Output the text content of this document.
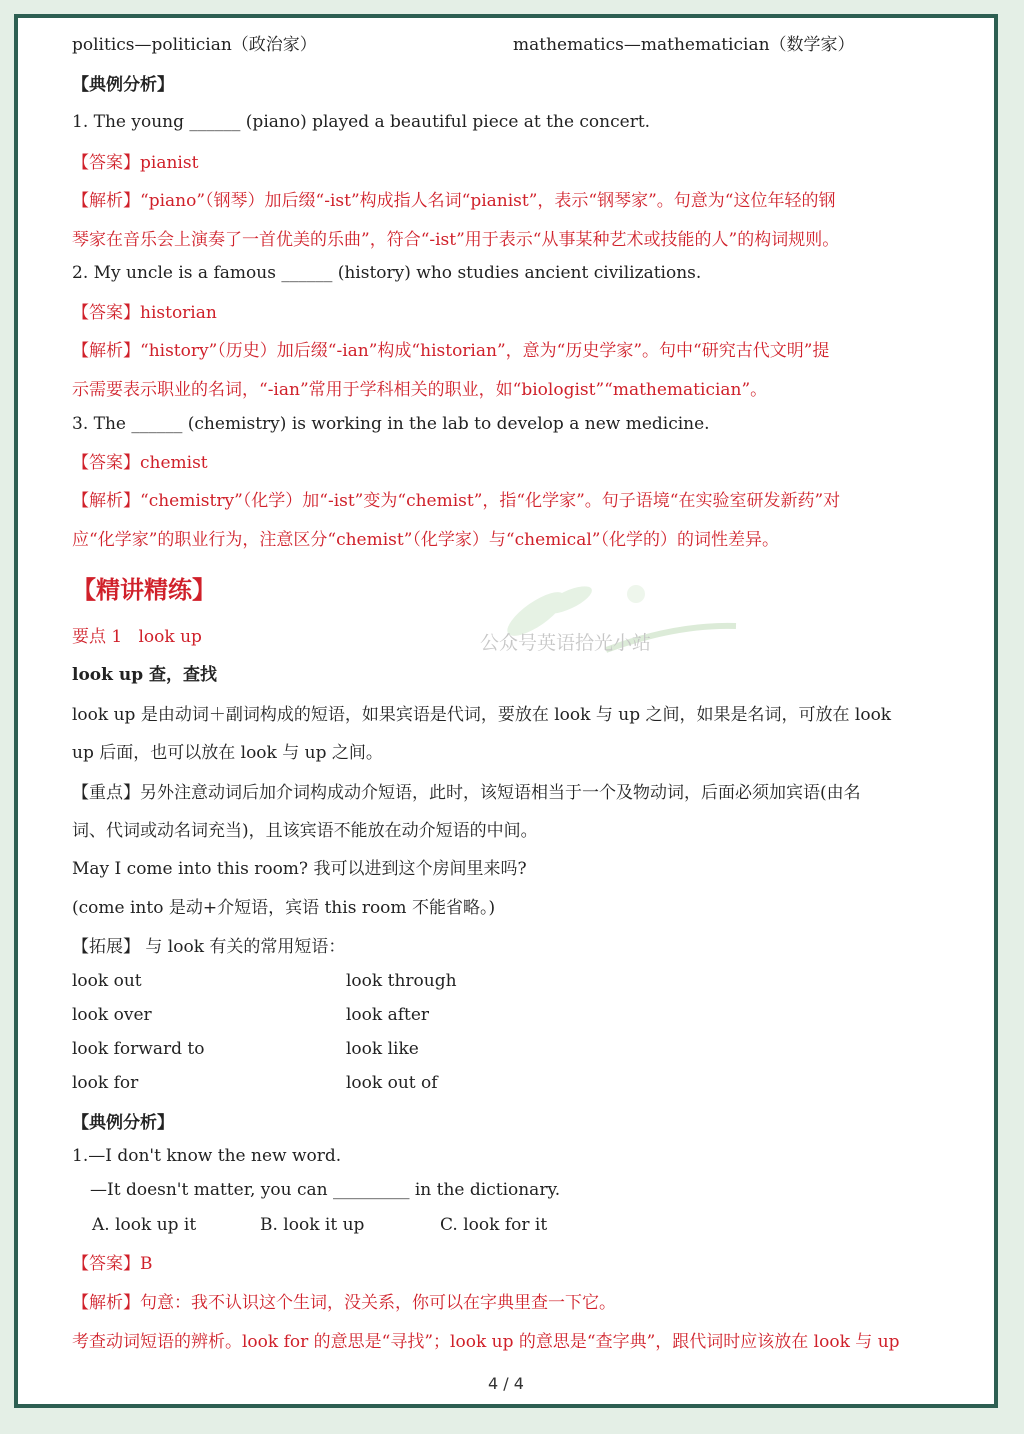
politics—politician（政治家）	mathematics—mathematician（数学家）
【典例分析】
1. The young ______ (piano) played a beautiful piece at the concert.
【答案】pianist
【解析】“piano”（钢琴）加后缀“-ist”构成指人名词“pianist”，表示“钢琴家”。句意为“这位年轻的钢
琴家在音乐会上演奏了一首优美的乐曲”，符合“-ist”用于表示“从事某种艺术或技能的人”的构词规则。
2. My uncle is a famous ______ (history) who studies ancient civilizations.
【答案】historian
【解析】“history”（历史）加后缀“-ian”构成“historian”，意为“历史学家”。句中“研究古代文明”提
示需要表示职业的名词，“-ian”常用于学科相关的职业，如“biologist”“mathematician”。
3. The ______ (chemistry) is working in the lab to develop a new medicine.
【答案】chemist
【解析】“chemistry”（化学）加“-ist”变为“chemist”，指“化学家”。句子语境“在实验室研发新药”对
应“化学家”的职业行为，注意区分“chemist”（化学家）与“chemical”（化学的）的词性差异。
【精讲精练】
要点 1 look up
look up 查，查找
look up 是由动词＋副词构成的短语，如果宾语是代词，要放在 look 与 up 之间，如果是名词，可放在 look
up 后面，也可以放在 look 与 up 之间。
【重点】另外注意动词后加介词构成动介短语，此时，该短语相当于一个及物动词，后面必须加宾语(由名
词、代词或动名词充当)，且该宾语不能放在动介短语的中间。
May I come into this room? 我可以进到这个房间里来吗?
(come into 是动+介短语，宾语 this room 不能省略。)
【拓展】 与 look 有关的常用短语：
look out	look through
look over	look after
look forward to	look like
look for	look out of
【典例分析】
1.—I don't know the new word.
—It doesn't matter, you can _________ in the dictionary.
A. look up it	B. look it up	C. look for it
【答案】B
【解析】句意：我不认识这个生词，没关系，你可以在字典里查一下它。
考查动词短语的辨析。look for 的意思是“寻找”；look up 的意思是“查字典”，跟代词时应该放在 look 与 up
公众号英语拾光小站
4 / 4
